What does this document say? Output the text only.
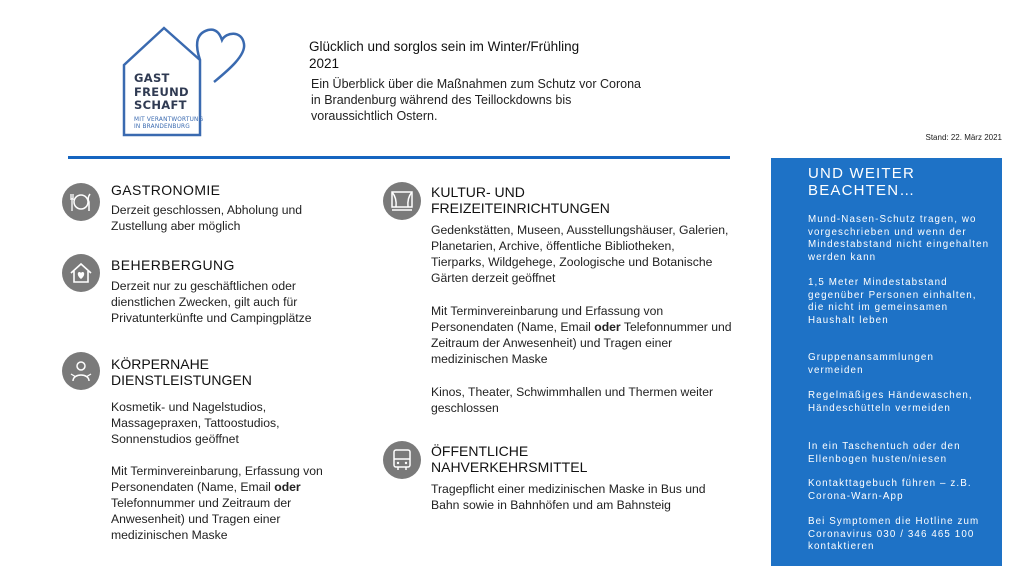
GAST
FREUND
SCHAFT
MIT VERANTWORTUNG
IN BRANDENBURG
Glücklich und sorglos sein im Winter/Frühling
2021
Ein Überblick über die Maßnahmen zum Schutz vor Corona in Brandenburg während des Teillockdowns bis voraussichtlich Ostern.
Stand: 22. März 2021
GASTRONOMIE
Derzeit geschlossen, Abholung und Zustellung aber möglich
BEHERBERGUNG
Derzeit nur zu geschäftlichen oder dienstlichen Zwecken, gilt auch für Privatunterkünfte und Campingplätze
KÖRPERNAHE
DIENSTLEISTUNGEN
Kosmetik- und Nagelstudios, Massagepraxen, Tattoostudios, Sonnenstudios geöffnet
Mit Terminvereinbarung, Erfassung von Personendaten (Name, Email oder Telefonnummer und Zeitraum der Anwesenheit) und Tragen einer medizinischen Maske
KULTUR- UND
FREIZEITEINRICHTUNGEN
Gedenkstätten, Museen, Ausstellungshäuser, Galerien, Planetarien, Archive, öffentliche Bibliotheken, Tierparks, Wildgehege, Zoologische und Botanische Gärten derzeit geöffnet
Mit Terminvereinbarung und Erfassung von Personendaten (Name, Email oder Telefonnummer und Zeitraum der Anwesenheit) und Tragen einer medizinischen Maske
Kinos, Theater, Schwimmhallen und Thermen weiter geschlossen
ÖFFENTLICHE
NAHVERKEHRSMITTEL
Tragepflicht einer medizinischen Maske in Bus und Bahn sowie in Bahnhöfen und am Bahnsteig
UND WEITER
BEACHTEN…
Mund-Nasen-Schutz tragen, wo vorgeschrieben und wenn der Mindestabstand nicht eingehalten werden kann
1,5 Meter Mindestabstand gegenüber Personen einhalten,
die nicht im gemeinsamen Haushalt leben
Gruppenansammlungen vermeiden
Regelmäßiges Händewaschen, Händeschütteln vermeiden
In ein Taschentuch oder den Ellenbogen husten/niesen
Kontakttagebuch führen – z.B. Corona-Warn-App
Bei Symptomen die Hotline zum Coronavirus 030 / 346 465 100 kontaktieren
